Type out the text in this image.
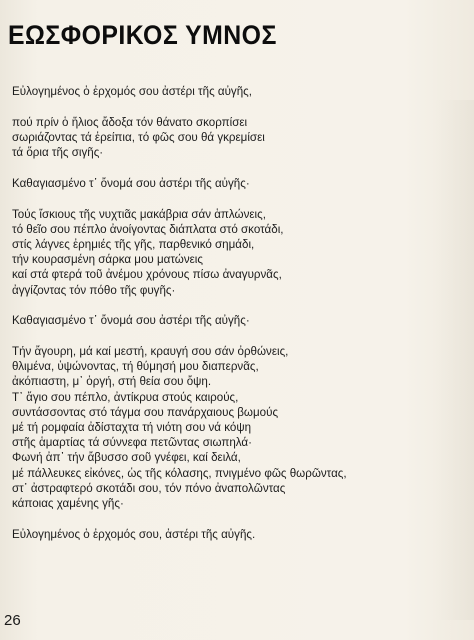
ΕΩΣΦΟΡΙΚΟΣ ΥΜΝΟΣ
Εὐλογημένος ὁ ἐρχομός σου ἀστέρι τῆς αὐγῆς,
πού πρίν ὁ ἥλιος ἄδοξα τόν θάνατο σκορπίσει
σωριάζοντας τά ἐρείπια, τό φῶς σου θά γκρεμίσει
τά ὅρια τῆς σιγῆς·
Καθαγιασμένο τ᾽ ὄνομά σου ἀστέρι τῆς αὐγῆς·
Τούς ἴσκιους τῆς νυχτιᾶς μακάβρια σάν ἁπλώνεις,
τό θεῖο σου πέπλο ἀνοίγοντας διάπλατα στό σκοτάδι,
στίς λάγνες ἐρημιές τῆς γῆς, παρθενικό σημάδι,
τήν κουρασμένη σάρκα μου ματώνεις
καί στά φτερά τοῦ ἀνέμου χρόνους πίσω ἀναγυρνᾶς,
ἀγγίζοντας τόν πόθο τῆς φυγῆς·
Καθαγιασμένο τ᾽ ὄνομά σου ἀστέρι τῆς αὐγῆς·
Τήν ἄγουρη, μά καί μεστή, κραυγή σου σάν ὀρθώνεις,
θλιμένα, ὑψώνοντας, τή θύμησή μου διαπερνᾶς,
ἀκόπιαστη, μ᾽ ὀργή, στή θεία σου ὄψη.
Τ᾽ ἅγιο σου πέπλο, ἀντίκρυα στούς καιρούς,
συντάσσοντας στό τάγμα σου πανάρχαιους βωμούς
μέ τή ρομφαία ἀδίσταχτα τή νιότη σου νά κόψη
στῆς ἁμαρτίας τά σύννεφα πετῶντας σιωπηλά·
Φωνή ἀπ᾽ τήν ἄβυσσο σοῦ γνέφει, καί δειλά,
μέ πάλλευκες εἰκόνες, ὡς τῆς κόλασης, πνιγμένο φῶς θωρῶντας,
στ᾽ ἀστραφτερό σκοτάδι σου, τόν πόνο ἀναπολῶντας
κάποιας χαμένης γῆς·
Εὐλογημένος ὁ ἐρχομός σου, ἀστέρι τῆς αὐγῆς.
26
